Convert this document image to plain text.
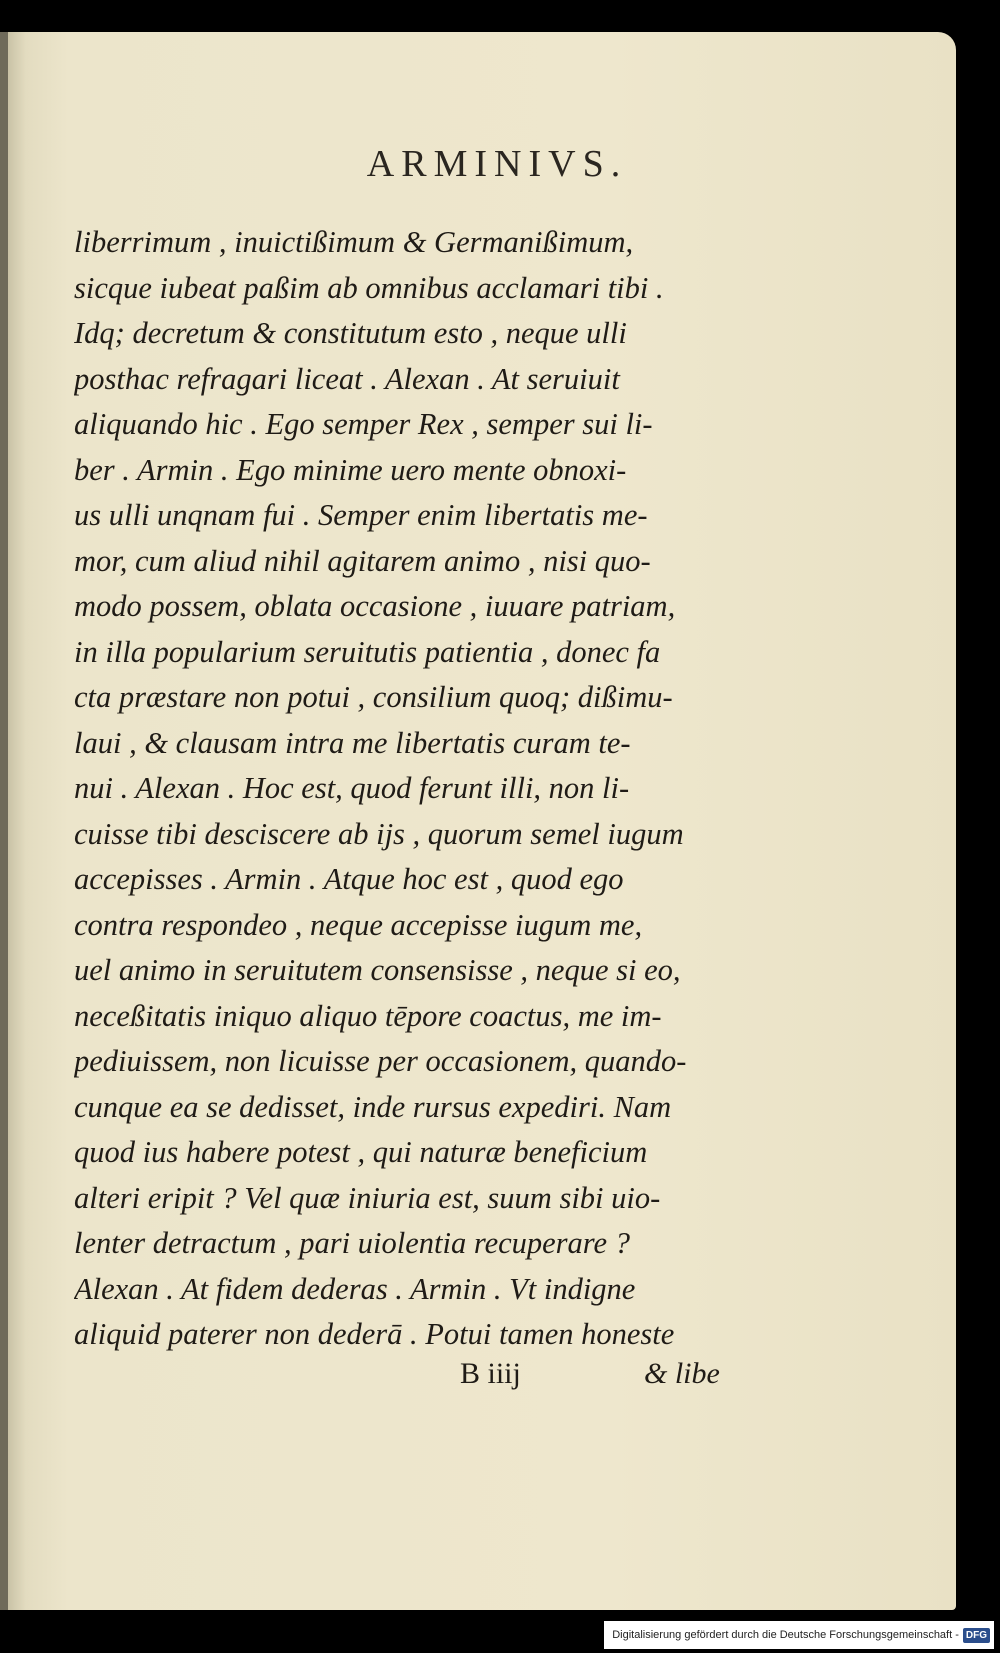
ARMINIVS.
liberrimum , inuictißimum & Germanißimum,
sicque iubeat paßim ab omnibus acclamari tibi .
Idq; decretum & constitutum esto , neque ulli
posthac refragari liceat . Alexan . At seruiuit
aliquando hic . Ego semper Rex , semper sui li-
ber . Armin . Ego minime uero mente obnoxi-
us ulli unqnam fui . Semper enim libertatis me-
mor, cum aliud nihil agitarem animo , nisi quo-
modo possem, oblata occasione , iuuare patriam,
in illa popularium seruitutis patientia , donec fa
cta præstare non potui , consilium quoq; dißimu-
laui , & clausam intra me libertatis curam te-
nui . Alexan . Hoc est, quod ferunt illi, non li-
cuisse tibi desciscere ab ijs , quorum semel iugum
accepisses . Armin . Atque hoc est , quod ego
contra respondeo , neque accepisse iugum me,
uel animo in seruitutem consensisse , neque si eo,
neceßitatis iniquo aliquo tēpore coactus, me im-
pediuissem, non licuisse per occasionem, quando-
cunque ea se dedisset, inde rursus expediri. Nam
quod ius habere potest , qui naturæ beneficium
alteri eripit ? Vel quæ iniuria est, suum sibi uio-
lenter detractum , pari uiolentia recuperare ?
Alexan . At fidem dederas . Armin . Vt indigne
aliquid paterer non dederā . Potui tamen honeste
B iiij	& libe
Digitalisierung gefördert durch die Deutsche Forschungsgemeinschaft - DFG
